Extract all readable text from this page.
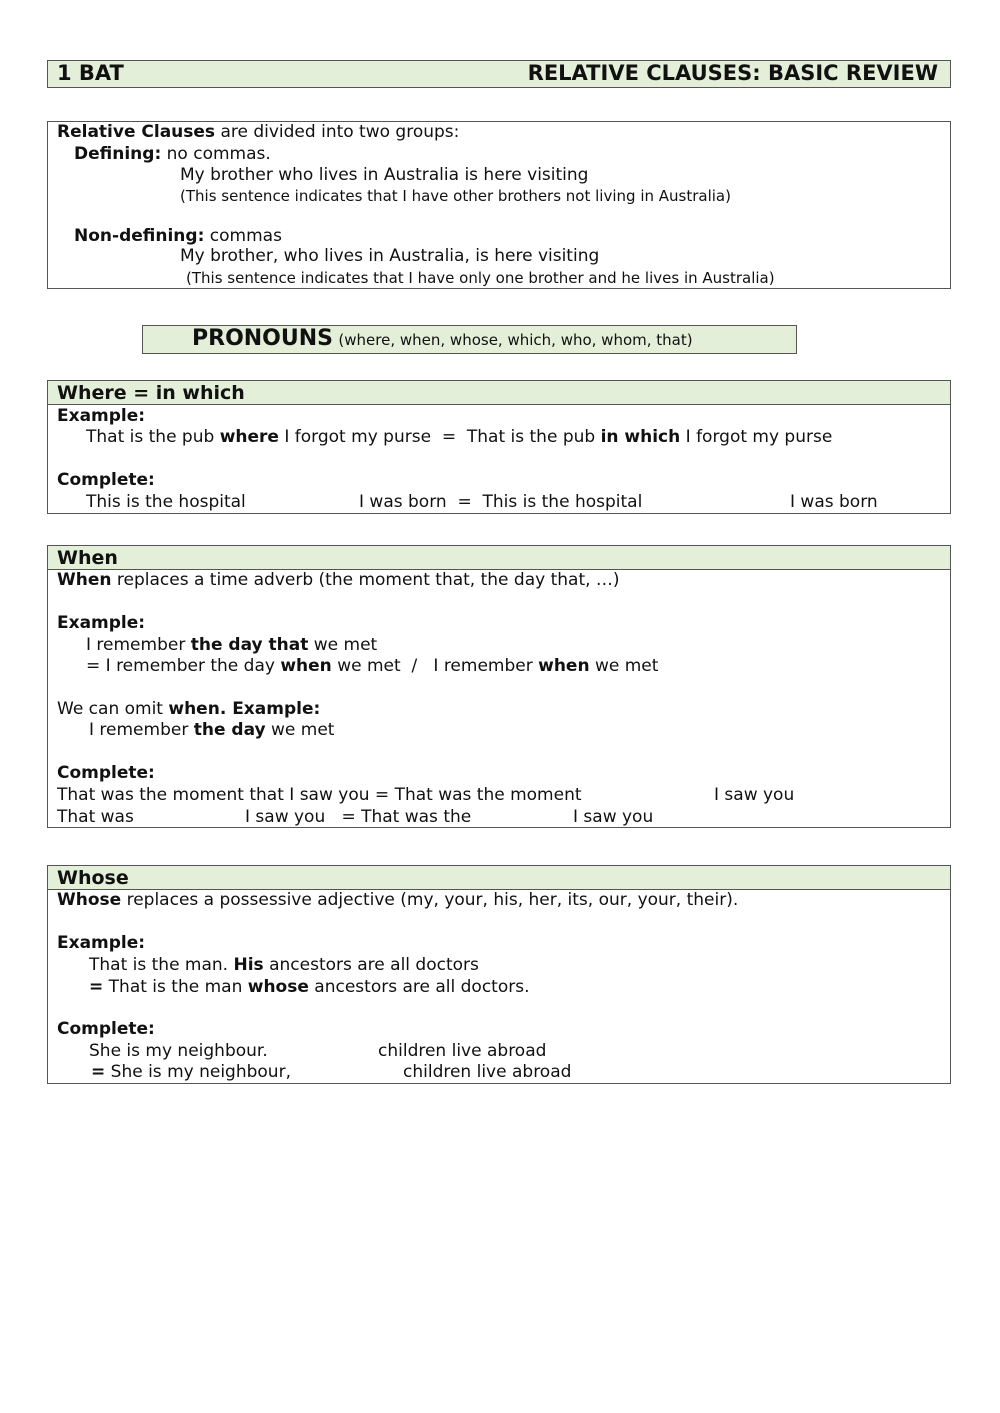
1 BAT	RELATIVE CLAUSES: BASIC REVIEW
Relative Clauses are divided into two groups:
Defining: no commas.
My brother who lives in Australia is here visiting
(This sentence indicates that I have other brothers not living in Australia)
Non-defining: commas
My brother, who lives in Australia, is here visiting
(This sentence indicates that I have only one brother and he lives in Australia)
PRONOUNS (where, when, whose, which, who, whom, that)
Where = in which
Example:
That is the pub where I forgot my purse  =  That is the pub in which I forgot my purse
Complete:
This is the hospital	I was born  =  This is the hospital	I was born
When
When replaces a time adverb (the moment that, the day that, …)
Example:
I remember the day that we met
= I remember the day when we met  /   I remember when we met
We can omit when. Example:
I remember the day we met
Complete:
That was the moment that I saw you = That was the moment	I saw you
That was	I saw you   = That was the	I saw you
Whose
Whose replaces a possessive adjective (my, your, his, her, its, our, your, their).
Example:
That is the man. His ancestors are all doctors
= That is the man whose ancestors are all doctors.
Complete:
She is my neighbour.	children live abroad
= She is my neighbour,	children live abroad
